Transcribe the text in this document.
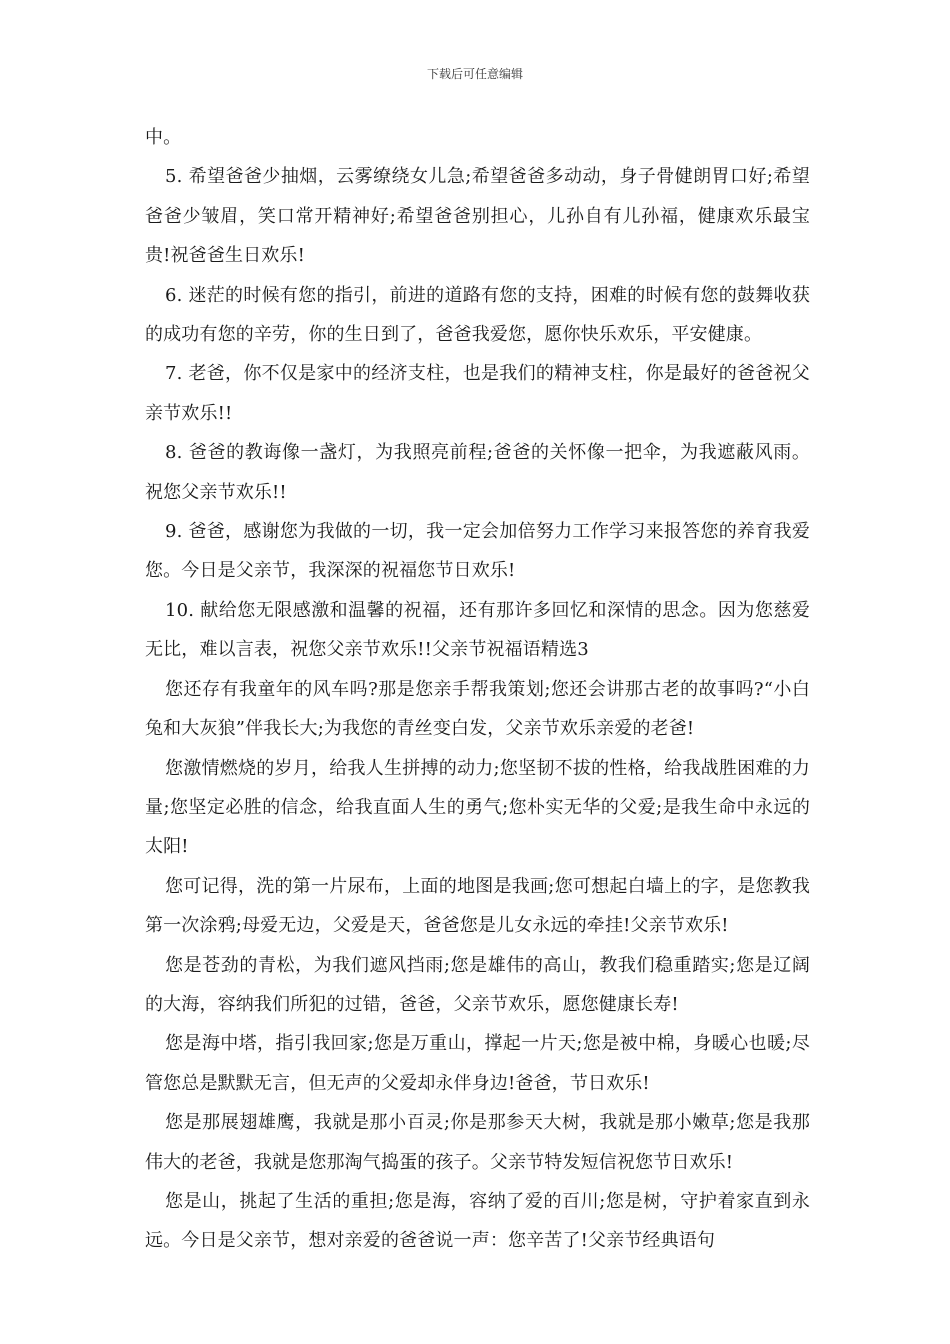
下载后可任意编辑

中。

5. 希望爸爸少抽烟，云雾缭绕女儿急;希望爸爸多动动，身子骨健朗胃口好;希望爸爸少皱眉，笑口常开精神好;希望爸爸别担心，儿孙自有儿孙福，健康欢乐最宝贵!祝爸爸生日欢乐!

6. 迷茫的时候有您的指引，前进的道路有您的支持，困难的时候有您的鼓舞收获的成功有您的辛劳，你的生日到了，爸爸我爱您，愿你快乐欢乐，平安健康。

7. 老爸，你不仅是家中的经济支柱，也是我们的精神支柱，你是最好的爸爸祝父亲节欢乐!!

8. 爸爸的教诲像一盏灯，为我照亮前程;爸爸的关怀像一把伞，为我遮蔽风雨。祝您父亲节欢乐!!

9. 爸爸，感谢您为我做的一切，我一定会加倍努力工作学习来报答您的养育我爱您。今日是父亲节，我深深的祝福您节日欢乐!

10. 献给您无限感激和温馨的祝福，还有那许多回忆和深情的思念。因为您慈爱无比，难以言表，祝您父亲节欢乐!!父亲节祝福语精选3

您还存有我童年的风车吗?那是您亲手帮我策划;您还会讲那古老的故事吗?“小白兔和大灰狼”伴我长大;为我您的青丝变白发，父亲节欢乐亲爱的老爸!

您激情燃烧的岁月，给我人生拼搏的动力;您坚韧不拔的性格，给我战胜困难的力量;您坚定必胜的信念，给我直面人生的勇气;您朴实无华的父爱;是我生命中永远的太阳!

您可记得，洗的第一片尿布，上面的地图是我画;您可想起白墙上的字，是您教我第一次涂鸦;母爱无边，父爱是天，爸爸您是儿女永远的牵挂!父亲节欢乐!

您是苍劲的青松，为我们遮风挡雨;您是雄伟的高山，教我们稳重踏实;您是辽阔的大海，容纳我们所犯的过错，爸爸，父亲节欢乐，愿您健康长寿!

您是海中塔，指引我回家;您是万重山，撑起一片天;您是被中棉，身暖心也暖;尽管您总是默默无言，但无声的父爱却永伴身边!爸爸，节日欢乐!

您是那展翅雄鹰，我就是那小百灵;你是那参天大树，我就是那小嫩草;您是我那伟大的老爸，我就是您那淘气捣蛋的孩子。父亲节特发短信祝您节日欢乐!

您是山，挑起了生活的重担;您是海，容纳了爱的百川;您是树，守护着家直到永远。今日是父亲节，想对亲爱的爸爸说一声：您辛苦了!父亲节经典语句
